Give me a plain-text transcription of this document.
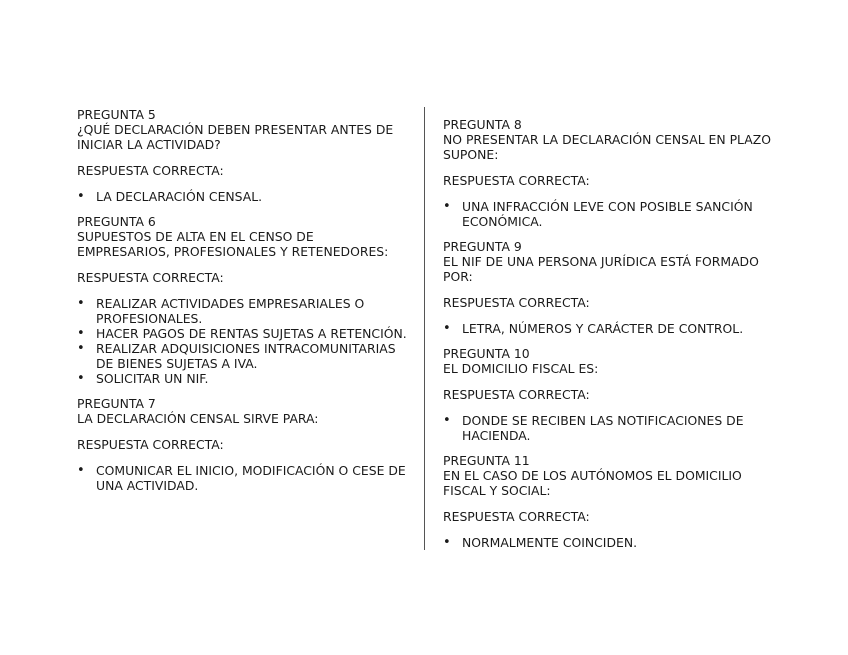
PREGUNTA 5
¿QUÉ DECLARACIÓN DEBEN PRESENTAR ANTES DE INICIAR LA ACTIVIDAD?
RESPUESTA CORRECTA:
• LA DECLARACIÓN CENSAL.
PREGUNTA 6
SUPUESTOS DE ALTA EN EL CENSO DE EMPRESARIOS, PROFESIONALES Y RETENEDORES:
RESPUESTA CORRECTA:
• REALIZAR ACTIVIDADES EMPRESARIALES O PROFESIONALES.
• HACER PAGOS DE RENTAS SUJETAS A RETENCIÓN.
• REALIZAR ADQUISICIONES INTRACOMUNITARIAS DE BIENES SUJETAS A IVA.
• SOLICITAR UN NIF.
PREGUNTA 7
LA DECLARACIÓN CENSAL SIRVE PARA:
RESPUESTA CORRECTA:
• COMUNICAR EL INICIO, MODIFICACIÓN O CESE DE UNA ACTIVIDAD.
PREGUNTA 8
NO PRESENTAR LA DECLARACIÓN CENSAL EN PLAZO SUPONE:
RESPUESTA CORRECTA:
• UNA INFRACCIÓN LEVE CON POSIBLE SANCIÓN ECONÓMICA.
PREGUNTA 9
EL NIF DE UNA PERSONA JURÍDICA ESTÁ FORMADO POR:
RESPUESTA CORRECTA:
• LETRA, NÚMEROS Y CARÁCTER DE CONTROL.
PREGUNTA 10
EL DOMICILIO FISCAL ES:
RESPUESTA CORRECTA:
• DONDE SE RECIBEN LAS NOTIFICACIONES DE HACIENDA.
PREGUNTA 11
EN EL CASO DE LOS AUTÓNOMOS EL DOMICILIO FISCAL Y SOCIAL:
RESPUESTA CORRECTA:
• NORMALMENTE COINCIDEN.
